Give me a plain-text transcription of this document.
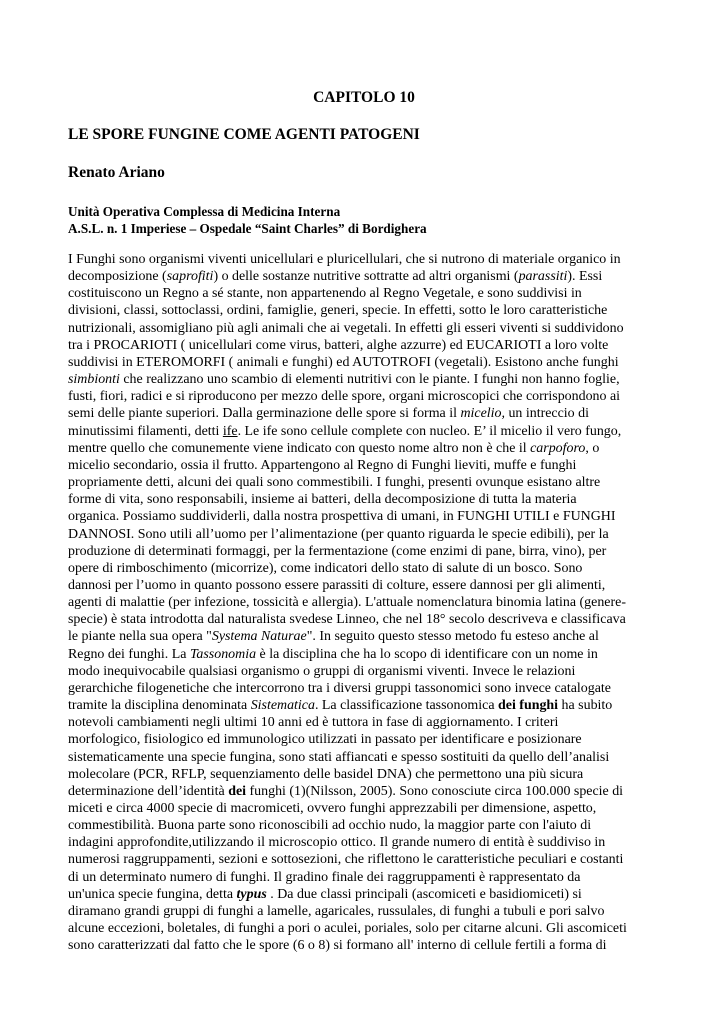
CAPITOLO 10
LE SPORE FUNGINE COME AGENTI PATOGENI
Renato Ariano
Unità Operativa Complessa di Medicina Interna
A.S.L. n. 1 Imperiese – Ospedale “Saint Charles” di Bordighera
I Funghi sono organismi viventi unicellulari e pluricellulari, che si nutrono di materiale organico in
decomposizione (saprofiti) o delle sostanze nutritive sottratte ad altri organismi (parassiti). Essi
costituiscono un Regno a sé stante, non appartenendo al Regno Vegetale, e sono suddivisi in
divisioni, classi, sottoclassi, ordini, famiglie, generi, specie. In effetti, sotto le loro caratteristiche
nutrizionali, assomigliano più agli animali che ai vegetali. In effetti gli esseri viventi si suddividono
tra i PROCARIOTI ( unicellulari come virus, batteri, alghe azzurre) ed EUCARIOTI a loro volte
suddivisi in ETEROMORFI ( animali e funghi) ed AUTOTROFI (vegetali). Esistono anche funghi
simbionti che realizzano uno scambio di elementi nutritivi con le piante. I funghi non hanno foglie,
fusti, fiori, radici e si riproducono per mezzo delle spore, organi microscopici che corrispondono ai
semi delle piante superiori. Dalla germinazione delle spore si forma il micelio, un intreccio di
minutissimi filamenti, detti ife. Le ife sono cellule complete con nucleo. E’ il micelio il vero fungo,
mentre quello che comunemente viene indicato con questo nome altro non è che il carpoforo, o
micelio secondario, ossia il frutto. Appartengono al Regno di Funghi lieviti, muffe e funghi
propriamente detti, alcuni dei quali sono commestibili. I funghi, presenti ovunque esistano altre
forme di vita, sono responsabili, insieme ai batteri, della decomposizione di tutta la materia
organica. Possiamo suddividerli, dalla nostra prospettiva di umani, in FUNGHI UTILI e FUNGHI
DANNOSI. Sono utili all’uomo per l’alimentazione (per quanto riguarda le specie edibili), per la
produzione di determinati formaggi, per la fermentazione (come enzimi di pane, birra, vino), per
opere di rimboschimento (micorrize), come indicatori dello stato di salute di un bosco. Sono
dannosi per l’uomo in quanto possono essere parassiti di colture, essere dannosi per gli alimenti,
agenti di malattie (per infezione, tossicità e allergia). L'attuale nomenclatura binomia latina (genere-
specie) è stata introdotta dal naturalista svedese Linneo, che nel 18° secolo descriveva e classificava
le piante nella sua opera "Systema Naturae". In seguito questo stesso metodo fu esteso anche al
Regno dei funghi. La Tassonomia è la disciplina che ha lo scopo di identificare con un nome in
modo inequivocabile qualsiasi organismo o gruppi di organismi viventi. Invece le relazioni
gerarchiche filogenetiche che intercorrono tra i diversi gruppi tassonomici sono invece catalogate
tramite la disciplina denominata Sistematica. La classificazione tassonomica dei funghi ha subito
notevoli cambiamenti negli ultimi 10 anni ed è tuttora in fase di aggiornamento. I criteri
morfologico, fisiologico ed immunologico utilizzati in passato per identificare e posizionare
sistematicamente una specie fungina, sono stati affiancati e spesso sostituiti da quello dell’analisi
molecolare (PCR, RFLP, sequenziamento delle basidel DNA) che permettono una più sicura
determinazione dell’identità dei funghi (1)(Nilsson, 2005). Sono conosciute circa 100.000 specie di
miceti e circa 4000 specie di macromiceti, ovvero funghi apprezzabili per dimensione, aspetto,
commestibilità. Buona parte sono riconoscibili ad occhio nudo, la maggior parte con l'aiuto di
indagini approfondite,utilizzando il microscopio ottico. Il grande numero di entità è suddiviso in
numerosi raggruppamenti, sezioni e sottosezioni, che riflettono le caratteristiche peculiari e costanti
di un determinato numero di funghi. Il gradino finale dei raggruppamenti è rappresentato da
un'unica specie fungina, detta typus . Da due classi principali (ascomiceti e basidiomiceti) si
diramano grandi gruppi di funghi a lamelle, agaricales, russulales, di funghi a tubuli e pori salvo
alcune eccezioni, boletales, di funghi a pori o aculei, poriales, solo per citarne alcuni. Gli ascomiceti
sono caratterizzati dal fatto che le spore (6 o 8) si formano all' interno di cellule fertili a forma di
